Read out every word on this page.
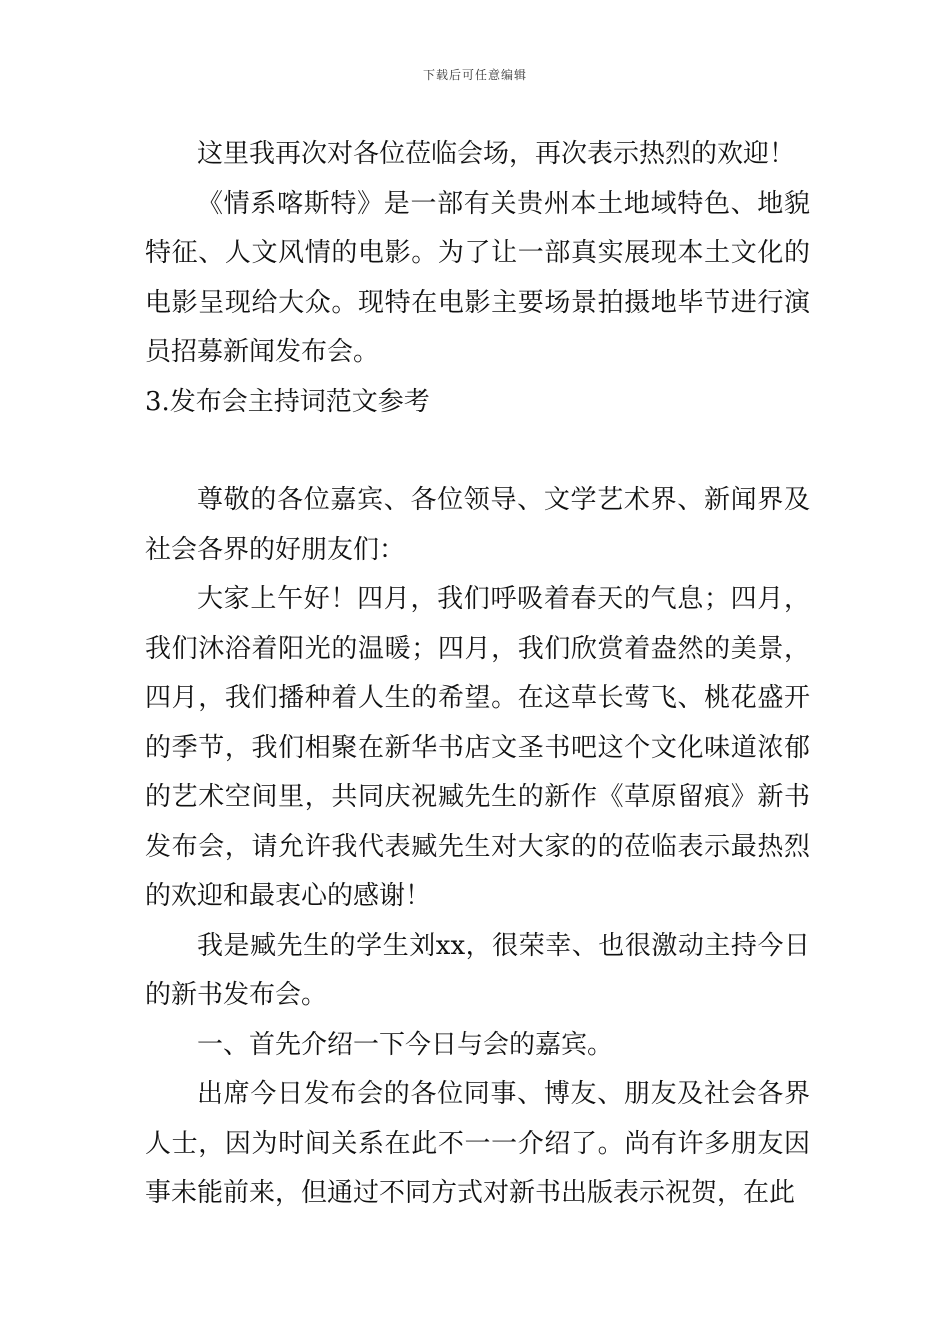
下载后可任意编辑

这里我再次对各位莅临会场，再次表示热烈的欢迎！

《情系喀斯特》是一部有关贵州本土地域特色、地貌特征、人文风情的电影。为了让一部真实展现本土文化的电影呈现给大众。现特在电影主要场景拍摄地毕节进行演员招募新闻发布会。

3.发布会主持词范文参考

尊敬的各位嘉宾、各位领导、文学艺术界、新闻界及社会各界的好朋友们：

大家上午好！四月，我们呼吸着春天的气息；四月，我们沐浴着阳光的温暖；四月，我们欣赏着盎然的美景，四月，我们播种着人生的希望。在这草长莺飞、桃花盛开的季节，我们相聚在新华书店文圣书吧这个文化味道浓郁的艺术空间里，共同庆祝臧先生的新作《草原留痕》新书发布会，请允许我代表臧先生对大家的的莅临表示最热烈的欢迎和最衷心的感谢！

我是臧先生的学生刘xx，很荣幸、也很激动主持今日的新书发布会。

一、首先介绍一下今日与会的嘉宾。

出席今日发布会的各位同事、博友、朋友及社会各界人士，因为时间关系在此不一一介绍了。尚有许多朋友因事未能前来，但通过不同方式对新书出版表示祝贺，在此
